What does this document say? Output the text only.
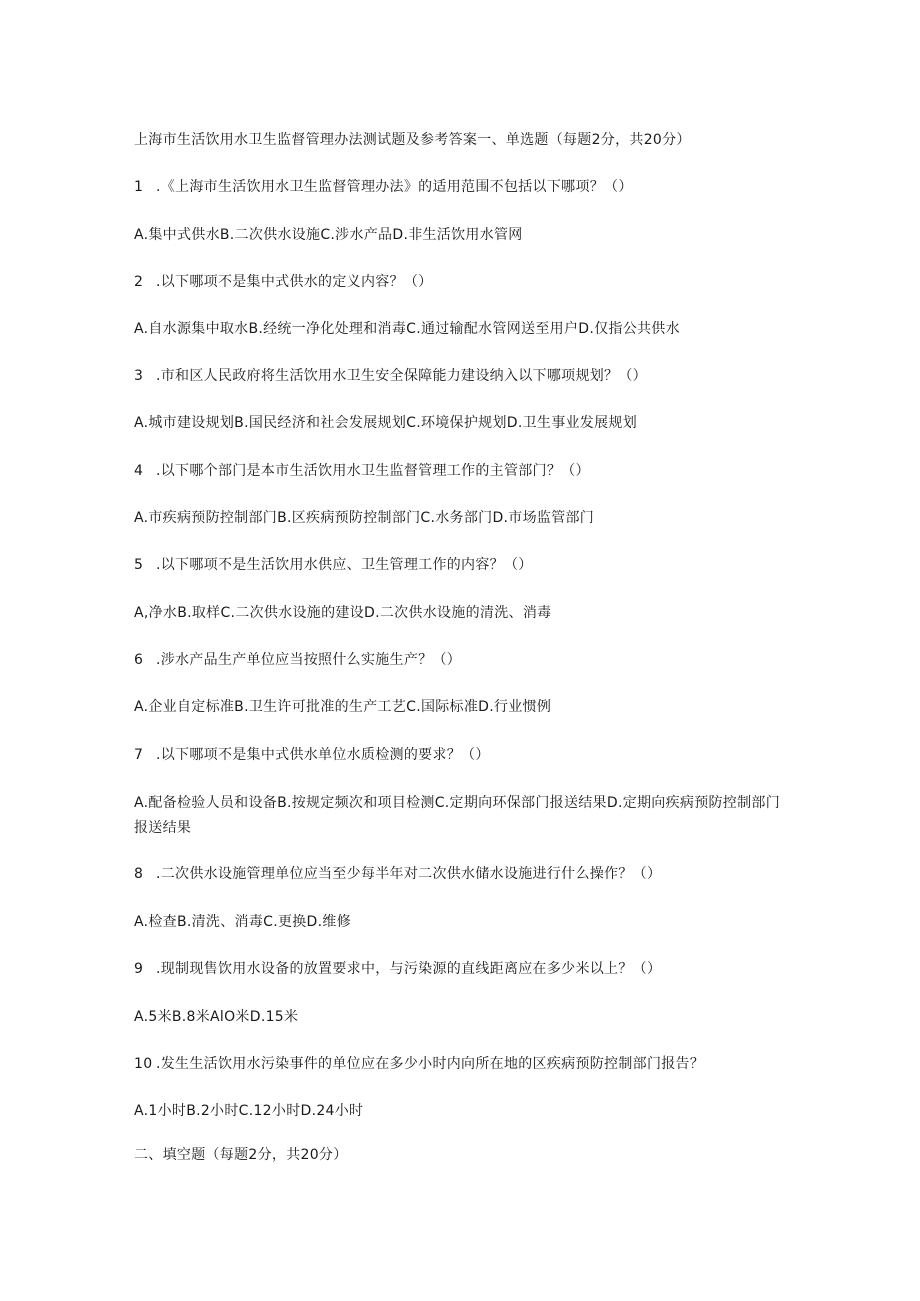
上海市生活饮用水卫生监督管理办法测试题及参考答案一、单选题（每题2分，共20分）
1 .《上海市生活饮用水卫生监督管理办法》的适用范围不包括以下哪项？（）
A.集中式供水B.二次供水设施C.涉水产品D.非生活饮用水管网
2 .以下哪项不是集中式供水的定义内容？（）
A.自水源集中取水B.经统一净化处理和消毒C.通过输配水管网送至用户D.仅指公共供水
3 .市和区人民政府将生活饮用水卫生安全保障能力建设纳入以下哪项规划？（）
A.城市建设规划B.国民经济和社会发展规划C.环境保护规划D.卫生事业发展规划
4 .以下哪个部门是本市生活饮用水卫生监督管理工作的主管部门？（）
A.市疾病预防控制部门B.区疾病预防控制部门C.水务部门D.市场监管部门
5 .以下哪项不是生活饮用水供应、卫生管理工作的内容？（）
A,净水B.取样C.二次供水设施的建设D.二次供水设施的清洗、消毒
6 .涉水产品生产单位应当按照什么实施生产？（）
A.企业自定标准B.卫生许可批准的生产工艺C.国际标准D.行业惯例
7 .以下哪项不是集中式供水单位水质检测的要求？（）
A.配备检验人员和设备B.按规定频次和项目检测C.定期向环保部门报送结果D.定期向疾病预防控制部门报送结果
8 .二次供水设施管理单位应当至少每半年对二次供水储水设施进行什么操作？（）
A.检查B.清洗、消毒C.更换D.维修
9 .现制现售饮用水设备的放置要求中，与污染源的直线距离应在多少米以上？（）
A.5米B.8米AlO米D.15米
10 .发生生活饮用水污染事件的单位应在多少小时内向所在地的区疾病预防控制部门报告？
A.1小时B.2小时C.12小时D.24小时
二、填空题（每题2分，共20分）
